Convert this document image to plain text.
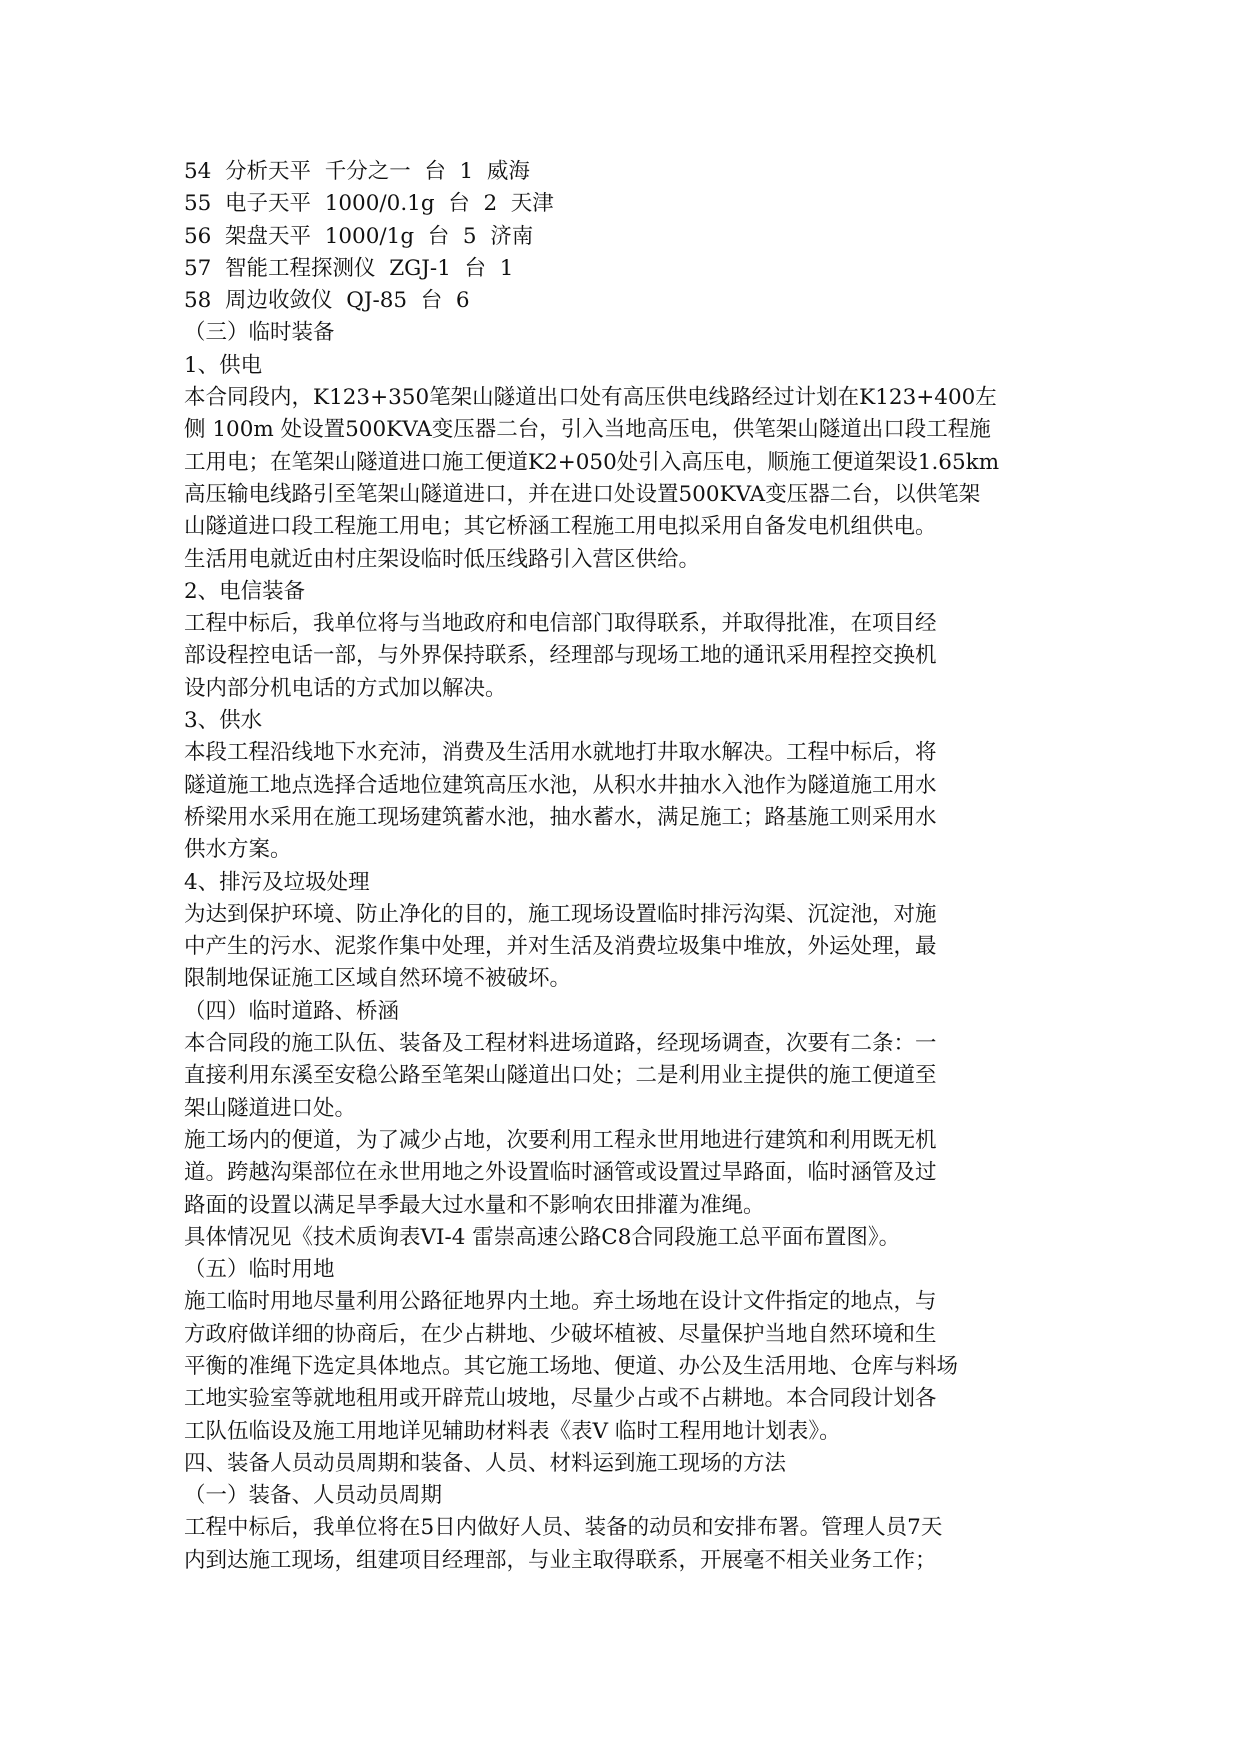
54  分析天平  千分之一  台  1  威海
55  电子天平  1000/0.1g  台  2  天津
56  架盘天平  1000/1g  台  5  济南
57  智能工程探测仪  ZGJ-1  台  1
58  周边收敛仪  QJ-85  台  6
（三）临时装备
1、供电
本合同段内，K123+350笔架山隧道出口处有高压供电线路经过计划在K123+400左
侧 100m 处设置500KVA变压器二台，引入当地高压电，供笔架山隧道出口段工程施
工用电；在笔架山隧道进口施工便道K2+050处引入高压电，顺施工便道架设1.65km
高压输电线路引至笔架山隧道进口，并在进口处设置500KVA变压器二台，以供笔架
山隧道进口段工程施工用电；其它桥涵工程施工用电拟采用自备发电机组供电。
生活用电就近由村庄架设临时低压线路引入营区供给。
2、电信装备
工程中标后，我单位将与当地政府和电信部门取得联系，并取得批准，在项目经
部设程控电话一部，与外界保持联系，经理部与现场工地的通讯采用程控交换机
设内部分机电话的方式加以解决。
3、供水
本段工程沿线地下水充沛，消费及生活用水就地打井取水解决。工程中标后，将
隧道施工地点选择合适地位建筑高压水池，从积水井抽水入池作为隧道施工用水
桥梁用水采用在施工现场建筑蓄水池，抽水蓄水，满足施工；路基施工则采用水
供水方案。
4、排污及垃圾处理
为达到保护环境、防止净化的目的，施工现场设置临时排污沟渠、沉淀池，对施
中产生的污水、泥浆作集中处理，并对生活及消费垃圾集中堆放，外运处理，最
限制地保证施工区域自然环境不被破坏。
（四）临时道路、桥涵
本合同段的施工队伍、装备及工程材料进场道路，经现场调查，次要有二条：一
直接利用东溪至安稳公路至笔架山隧道出口处；二是利用业主提供的施工便道至
架山隧道进口处。
施工场内的便道，为了减少占地，次要利用工程永世用地进行建筑和利用既无机
道。跨越沟渠部位在永世用地之外设置临时涵管或设置过旱路面，临时涵管及过
路面的设置以满足旱季最大过水量和不影响农田排灌为准绳。
具体情况见《技术质询表VI-4 雷崇高速公路C8合同段施工总平面布置图》。
（五）临时用地
施工临时用地尽量利用公路征地界内土地。弃土场地在设计文件指定的地点，与
方政府做详细的协商后，在少占耕地、少破坏植被、尽量保护当地自然环境和生
平衡的准绳下选定具体地点。其它施工场地、便道、办公及生活用地、仓库与料场
工地实验室等就地租用或开辟荒山坡地，尽量少占或不占耕地。本合同段计划各
工队伍临设及施工用地详见辅助材料表《表Ⅴ 临时工程用地计划表》。
四、装备人员动员周期和装备、人员、材料运到施工现场的方法
（一）装备、人员动员周期
工程中标后，我单位将在5日内做好人员、装备的动员和安排布署。管理人员7天
内到达施工现场，组建项目经理部，与业主取得联系，开展毫不相关业务工作；
